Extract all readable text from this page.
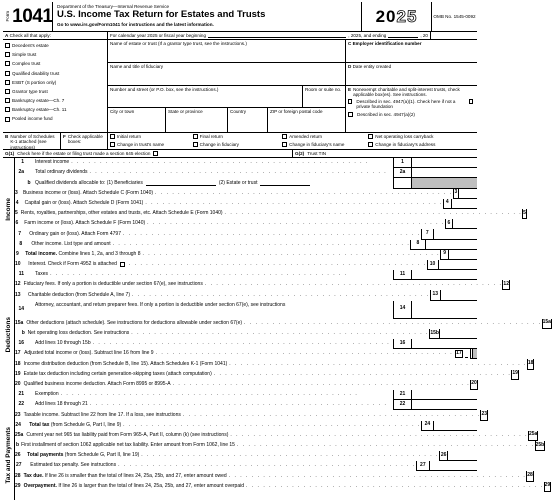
Form 1041 Department of the Treasury—Internal Revenue Service
U.S. Income Tax Return for Estates and Trusts
Go to www.irs.gov/Form1041 for instructions and the latest information.	20 25	OMB No. 1545-0092
A Check all that apply:	For calendar year 2025 or fiscal year beginning	, 2025, and ending	, 20
Decedent's estate
Simple trust
Complex trust
Qualified disability trust
ESBT (S portion only)
Grantor type trust
Bankruptcy estate—Ch. 7
Bankruptcy estate—Ch. 11
Pooled income fund
Name of estate or trust (If a grantor type trust, see the instructions.)
Name and title of fiduciary
Number and street (or P.O. box, see the instructions.)	Room or suite no.
City or town	State or province	Country	ZIP or foreign postal code
C Employer identification number
D Date entity created
E Nonexempt charitable and split-interest trusts, check applicable box(es). See instructions.
Described in sec. 4947(a)(1). Check here if not a private foundation
Described in sec. 4947(a)(2)
B Number of Schedules K-1 attached (see instructions)
F Check applicable boxes:
Initial return	Final return	Amended return	Net operating loss carryback
Change in trust's name	Change in fiduciary	Change in fiduciary's name	Change in fiduciary's address
G(1) Check here if the estate or filing trust made a section 645 election	G(2) Trust TIN
Income
Deductions
Tax and Payments
1 Interest income . . . . . . . . . . . . . . . . . . . . . . . . . . . . . . . . . . . . . . . . . . . . . . . . . . . .	1
2a Total ordinary dividends . . . . . . . . . . . . . . . . . . . . . . . . . . . . . . . . . . . . . . . . . . . . . . . . . . . .	2a
b Qualified dividends allocable to: (1) Beneficiaries	(2) Estate or trust
3 Business income or (loss). Attach Schedule C (Form 1040) . . . . . . . . . . . . . . . . . . . . . . . . . . . . . . . . . . . . . . . . . . . . . . . . . . . . 3
4 Capital gain or (loss). Attach Schedule D (Form 1041) . . . . . . . . . . . . . . . . . . . . . . . . . . . . . . . . . . . . . . . . . . . . . . . . . . . . 4
5 Rents, royalties, partnerships, other estates and trusts, etc. Attach Schedule E (Form 1040) . . . . . . . . . . . . . . . . . . . . . . . . . . . . . . . . . . . . . . . . . . . . . . . . . . . . 5
6 Farm income or (loss). Attach Schedule F (Form 1040) . . . . . . . . . . . . . . . . . . . . . . . . . . . . . . . . . . . . . . . . . . . . . . . . . . . . 6
7 Ordinary gain or (loss). Attach Form 4797 . . . . . . . . . . . . . . . . . . . . . . . . . . . . . . . . . . . . . . . . . . . . . . . . . . . .	7
8 Other income. List type and amount . . . . . . . . . . . . . . . . . . . . . . . . . . . . . . . . . . . . . . . . . . . . . . . . . . . .	8
9 Total income.
Combine lines 1, 2a, and 3 through 8 . . . . . . . . . . . . . . . . . . . . . . . . . . . . . . . . . . . . . . . . . . . . . . . . . . . . 9
10 Interest. Check if Form 4952 is attached . . . . . . . . . . . . . . . . . . . . . . . . . . . . . . . . . . . . . . . . . . . . . . . . . . . . 10
11 Taxes . . . . . . . . . . . . . . . . . . . . . . . . . . . . . . . . . . . . . . . . . . . . . . . . . . . .	11
12 Fiduciary fees. If only a portion is deductible under section 67(e), see instructions . . . . . . . . . . . . . . . . . . . . . . . . . . . . . . . . . . . . . . . . . . . . . . . . . . . . 12
13 Charitable deduction (from Schedule A, line 7) . . . . . . . . . . . . . . . . . . . . . . . . . . . . . . . . . . . . . . . . . . . . . . . . . . . . 13
14
Attorney, accountant, and return preparer fees. If only a portion is deductible under section 67(e), see instructions
14
15a Other deductions (attach schedule). See instructions for deductions allowable under section 67(e) . . . . . . . . . . . . . . . . . . . . . . . . . . . . . . . . . . . . . . . . . . . . . . . . . . . . 15a
b Net operating loss deduction. See instructions . . . . . . . . . . . . . . . . . . . . . . . . . . . . . . . . . . . . . . . . . . . . . . . . . . . . 15b
16 Add lines 10 through 15b . . . . . . . . . . . . . . . . . . . . . . . . . . . . . . . . . . . . . . . . . . . . . . . . . . . .	16
17 Adjusted total income or (loss). Subtract line 16 from line 9 . . . . . . . . . . . . . . . . . . . . . . . . . . . . . . . . . . . . . . . . . . . . . . . . . . . . 17
18 Income distribution deduction (from Schedule B, line 15). Attach Schedules K-1 (Form 1041) . . . . . . . . . . . . . . . . . . . . . . . . . . . . . . . . . . . . . . . . . . . . . . . . . . . . 18
19 Estate tax deduction including certain generation-skipping taxes (attach computation) . . . . . . . . . . . . . . . . . . . . . . . . . . . . . . . . . . . . . . . . . . . . . . . . . . . . 19
20 Qualified business income deduction. Attach Form 8995 or 8995-A . . . . . . . . . . . . . . . . . . . . . . . . . . . . . . . . . . . . . . . . . . . . . . . . . . . . 20
21 Exemption . . . . . . . . . . . . . . . . . . . . . . . . . . . . . . . . . . . . . . . . . . . . . . . . . . . .	21
22 Add lines 18 through 21 . . . . . . . . . . . . . . . . . . . . . . . . . . . . . . . . . . . . . . . . . . . . . . . . . . . .	22
23 Taxable income. Subtract line 22 from line 17. If a loss, see instructions . . . . . . . . . . . . . . . . . . . . . . . . . . . . . . . . . . . . . . . . . . . . . . . . . . . . 23
24 Total tax
(from Schedule G, Part I, line 9) . . . . . . . . . . . . . . . . . . . . . . . . . . . . . . . . . . . . . . . . . . . . . . . . . . . . 24
25a Current year net 965 tax liability paid from Form 965-A, Part II, column (k) (see instructions) . . . . . . . . . . . . . . . . . . . . . . . . . . . . . . . . . . . . . . . . . . . . . . . . . . . . 25a
b First installment of section 1062 applicable net tax liability. Enter amount from Form 1062, line 15 . . . . . . . . . . . . . . . . . . . . . . . . . . . . . . . . . . . . . . . . . . . . . . . . . . . . 25b
26 Total payments
(from Schedule G, Part II, line 19) . . . . . . . . . . . . . . . . . . . . . . . . . . . . . . . . . . . . . . . . . . . . . . . . . . . . 26
27 Estimated tax penalty. See instructions . . . . . . . . . . . . . . . . . . . . . . . . . . . . . . . . . . . . . . . . . . . . . . . . . . . . 27
28 Tax due.
If line 26 is smaller than the total of lines 24, 25a, 25b, and 27, enter amount owed . . . . . . . . . . . . . . . . . . . . . . . . . . . . . . . . . . . . . . . . . . . . . . . . . . . . 28
29 Overpayment.
If line 26 is larger than the total of lines 24, 25a, 25b, and 27, enter amount overpaid . . . . . . . . . . . . . . . . . . . . . . . . . . . . . . . . . . . . . . . . . . . . . . . . . . . . 29
